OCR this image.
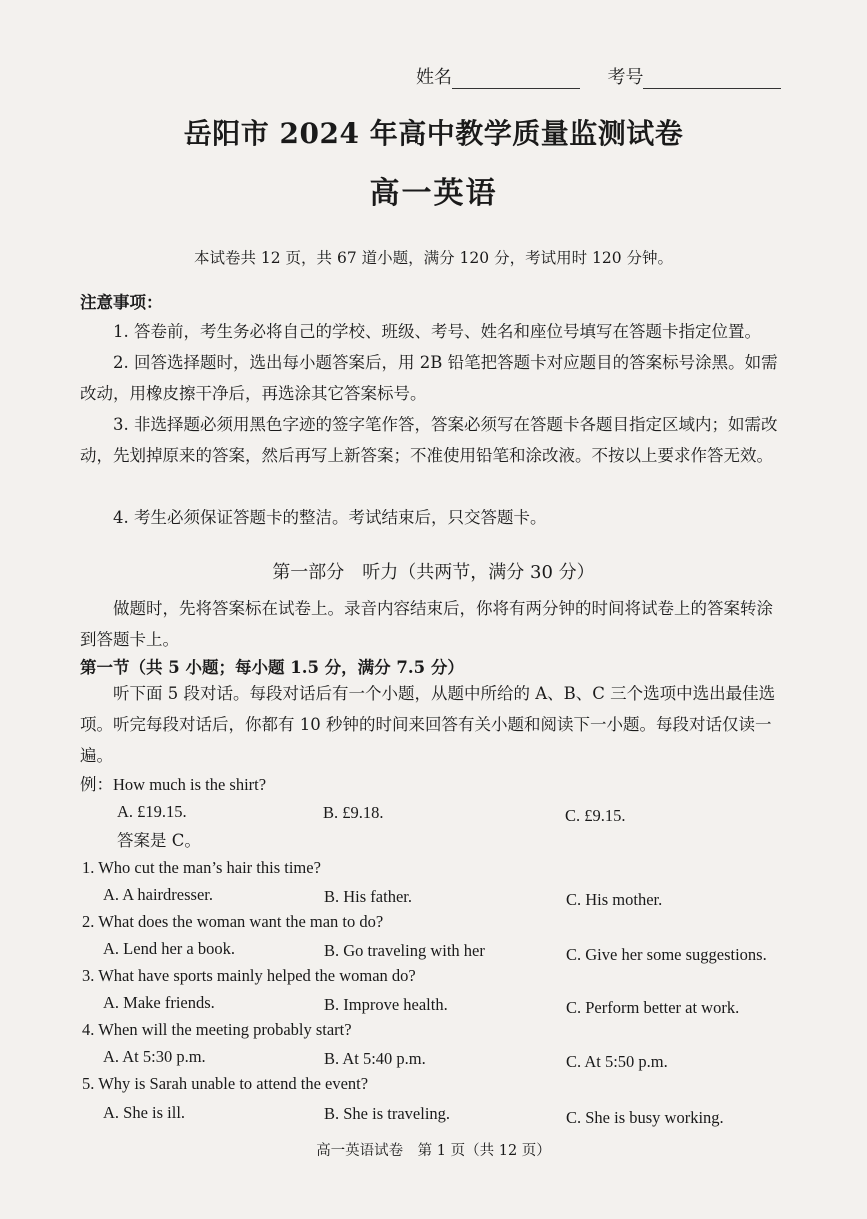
姓名	考号
岳阳市 2024 年高中教学质量监测试卷
高一英语
本试卷共 12 页，共 67 道小题，满分 120 分，考试用时 120 分钟。
注意事项：
1. 答卷前，考生务必将自己的学校、班级、考号、姓名和座位号填写在答题卡指定位置。
2. 回答选择题时，选出每小题答案后，用 2B 铅笔把答题卡对应题目的答案标号涂黑。如需改动，用橡皮擦干净后，再选涂其它答案标号。
3. 非选择题必须用黑色字迹的签字笔作答，答案必须写在答题卡各题目指定区域内；如需改动，先划掉原来的答案，然后再写上新答案；不准使用铅笔和涂改液。不按以上要求作答无效。
4. 考生必须保证答题卡的整洁。考试结束后，只交答题卡。
第一部分　听力（共两节，满分 30 分）
做题时，先将答案标在试卷上。录音内容结束后，你将有两分钟的时间将试卷上的答案转涂到答题卡上。
第一节（共 5 小题；每小题 1.5 分，满分 7.5 分）
听下面 5 段对话。每段对话后有一个小题，从题中所给的 A、B、C 三个选项中选出最佳选项。听完每段对话后，你都有 10 秒钟的时间来回答有关小题和阅读下一小题。每段对话仅读一遍。
例：How much is the shirt?
A. £19.15.	B. £9.18.	C. £9.15.
答案是 C。
1. Who cut the man’s hair this time?
A. A hairdresser.	B. His father.	C. His mother.
2. What does the woman want the man to do?
A. Lend her a book.	B. Go traveling with her	C. Give her some suggestions.
3. What have sports mainly helped the woman do?
A. Make friends.	B. Improve health.	C. Perform better at work.
4. When will the meeting probably start?
A. At 5:30 p.m.	B. At 5:40 p.m.	C. At 5:50 p.m.
5. Why is Sarah unable to attend the event?
A. She is ill.	B. She is traveling.	C. She is busy working.
高一英语试卷　第 1 页（共 12 页）
